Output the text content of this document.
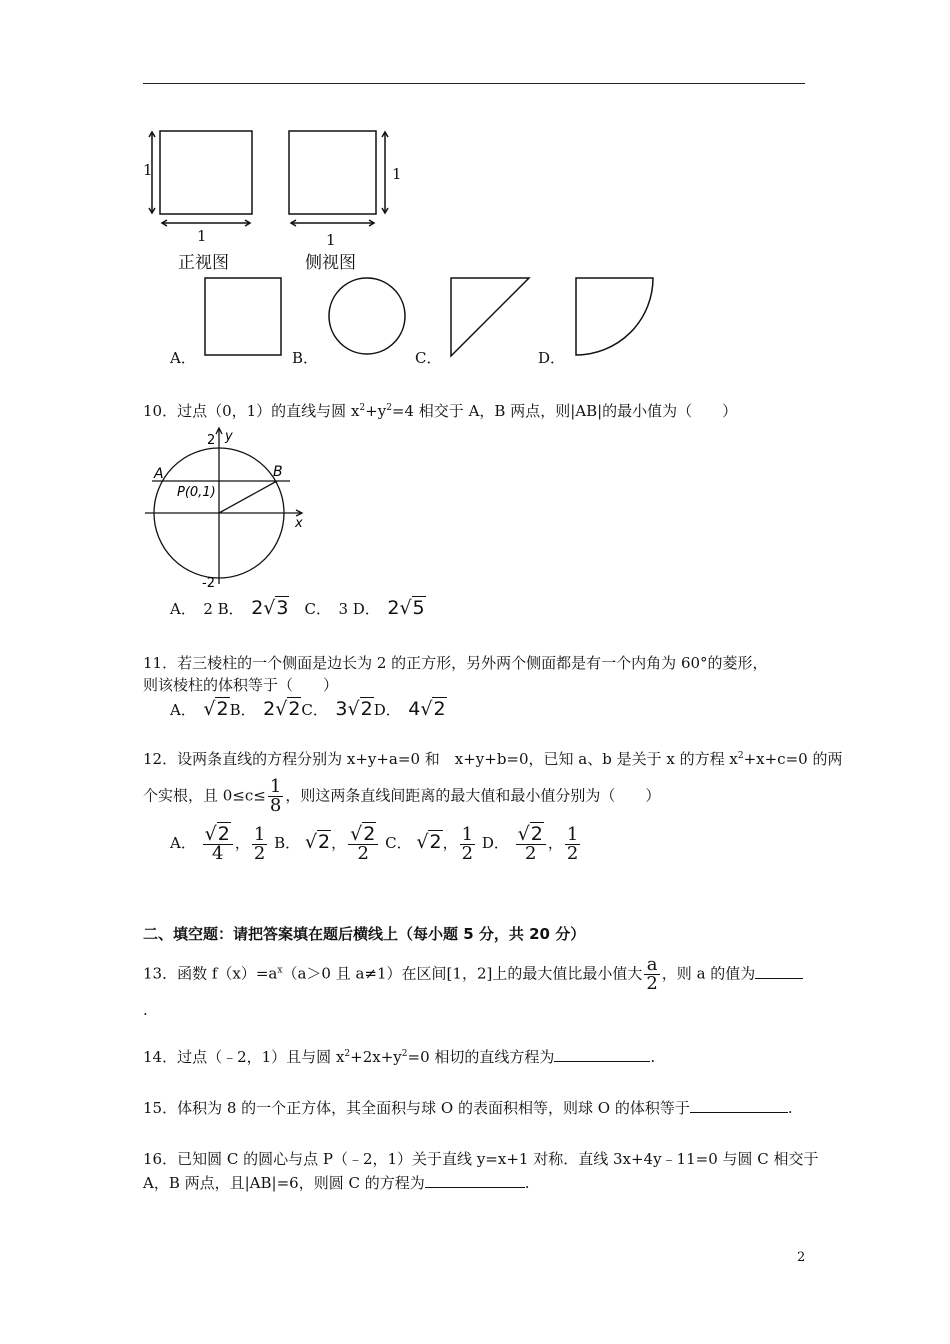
1
1
1
1
正视图	侧视图
A．	B．	C．	D．
10．过点（0，1）的直线与圆 $x^2+y^2=4$ 相交于 A，B 两点，则|AB|的最小值为（　　）
y
2
x
-2
A	B
P(0,1)
A．　2 B．　 2√3　 C．　3 D．　 2√5
11．若三棱柱的一个侧面是边长为 2 的正方形，另外两个侧面都是有一个内角为 60°的菱形，
则该棱柱的体积等于（　　）
A．　 √2B．　 2√2C．　 3√2D．　 4√2
12．设两条直线的方程分别为 x+y+a=0 和　x+y+b=0，已知 a、b 是关于 x 的方程 $x^2+x+c=0$ 的两
个实根，且 $0\le c\le \frac{1}{8}$ ，则这两条直线间距离的最大值和最小值分别为（　　）
A． $\frac{√2}{4}$ ， $\frac{1}{2}$ B． √2， $\frac{√2}{2}$ C． √2， $\frac{1}{2}$ D． $\frac{√2}{2}$ ， $\frac{1}{2}$
二、填空题：请把答案填在题后横线上（每小题 5 分，共 20 分）
13．函数 $f(x)=a^x(a>0$ 且 a≠1）在区间[1，2]上的最大值比最小值大 $\frac{a}{2}$ ，则 a 的值为
.
14．过点（﹣2，1）且与圆 $x^2+2x+y^2=0$ 相切的直线方程为	.
15．体积为 8 的一个正方体，其全面积与球 O 的表面积相等，则球 O 的体积等于	.
16．已知圆 C 的圆心与点 P（﹣2，1）关于直线 y=x+1 对称．直线 3x+4y﹣11=0 与圆 C 相交于
A，B 两点，且|AB|=6，则圆 C 的方程为	.
2
